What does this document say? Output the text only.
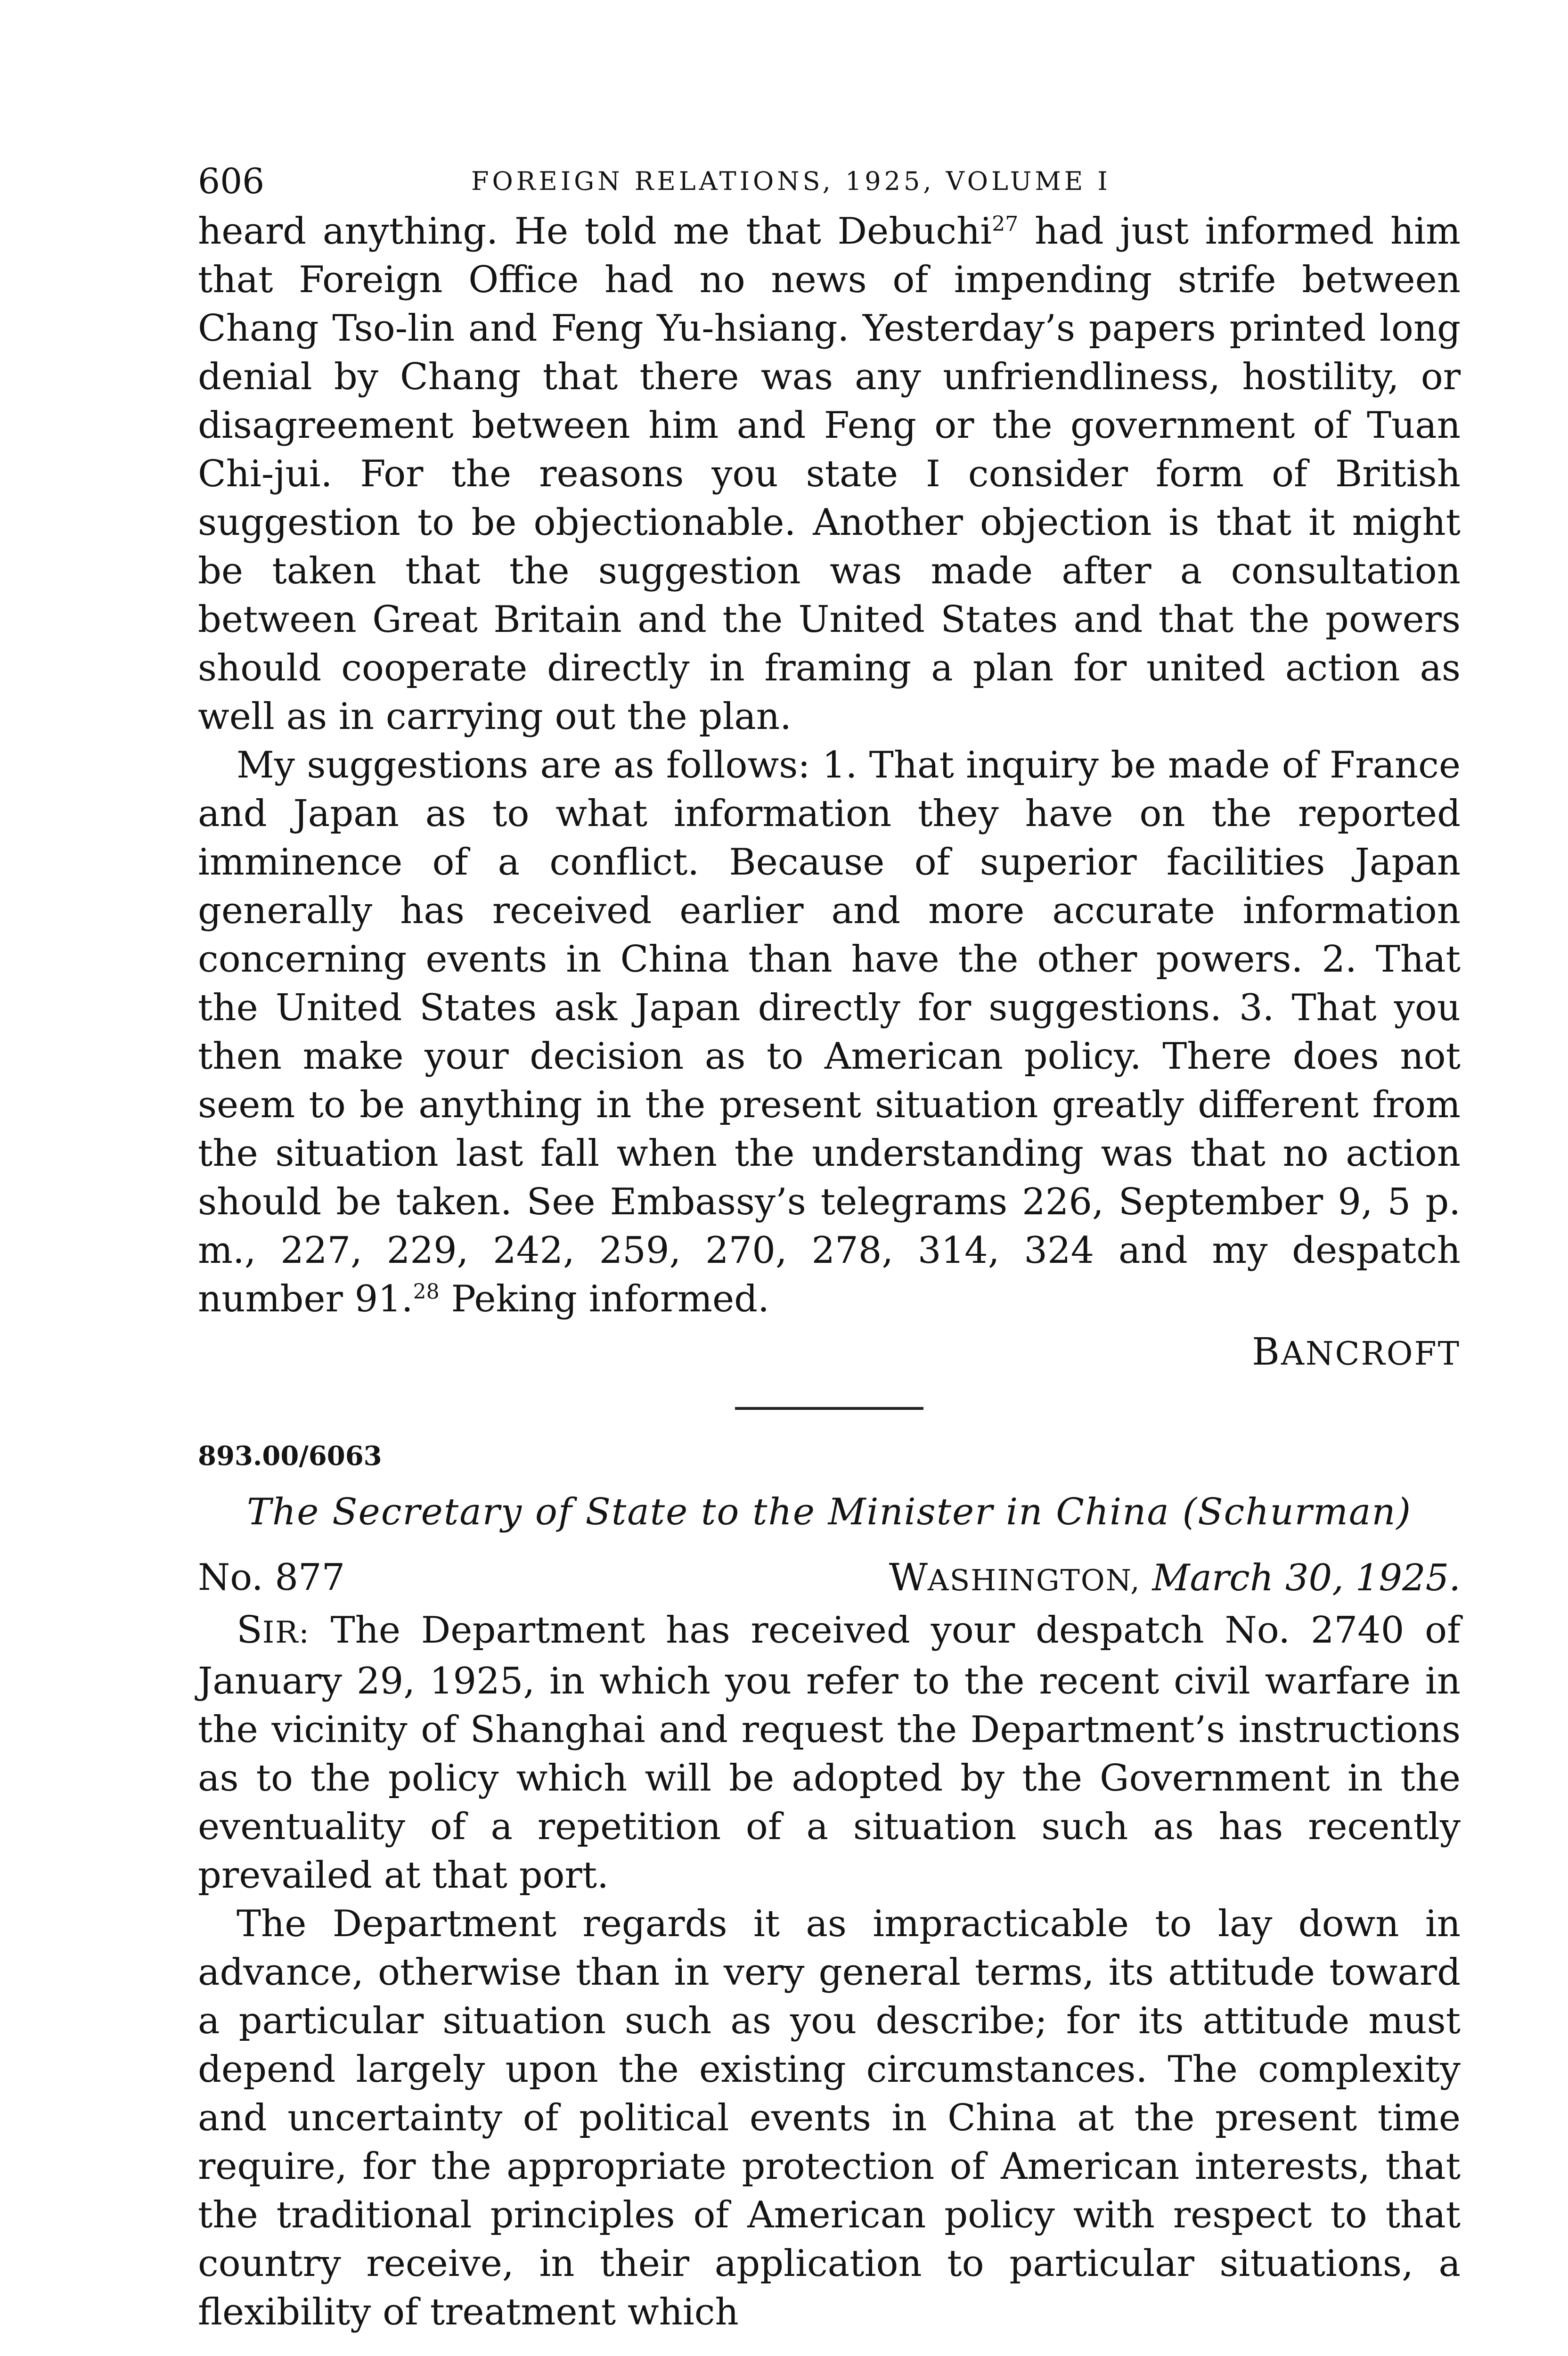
606	FOREIGN RELATIONS, 1925, VOLUME I

heard anything. He told me that Debuchi$^{27}$ had just informed him that Foreign Office had no news of impending strife between Chang Tso-lin and Feng Yu-hsiang. Yesterday’s papers printed long denial by Chang that there was any unfriendliness, hostility, or disagreement between him and Feng or the government of Tuan Chi-jui. For the reasons you state I consider form of British suggestion to be objectionable. Another objection is that it might be taken that the suggestion was made after a consultation between Great Britain and the United States and that the powers should cooperate directly in framing a plan for united action as well as in carrying out the plan.

My suggestions are as follows: 1. That inquiry be made of France and Japan as to what information they have on the reported imminence of a conflict. Because of superior facilities Japan generally has received earlier and more accurate information concerning events in China than have the other powers. 2. That the United States ask Japan directly for suggestions. 3. That you then make your decision as to American policy. There does not seem to be anything in the present situation greatly different from the situation last fall when the understanding was that no action should be taken. See Embassy’s telegrams 226, September 9, 5 p. m., 227, 229, 242, 259, 270, 278, 314, 324 and my despatch number 91.28 Peking informed.

BANCROFT
893.00/6063
The Secretary of State to the Minister in China (Schurman)
No. 877	WASHINGTON, March 30, 1925.

SIR: The Department has received your despatch No. 2740 of January 29, 1925, in which you refer to the recent civil warfare in the vicinity of Shanghai and request the Department’s instructions as to the policy which will be adopted by the Government in the eventuality of a repetition of a situation such as has recently prevailed at that port.

The Department regards it as impracticable to lay down in advance, otherwise than in very general terms, its attitude toward a particular situation such as you describe; for its attitude must depend largely upon the existing circumstances. The complexity and uncertainty of political events in China at the present time require, for the appropriate protection of American interests, that the traditional principles of American policy with respect to that country receive, in their application to particular situations, a flexibility of treatment which
